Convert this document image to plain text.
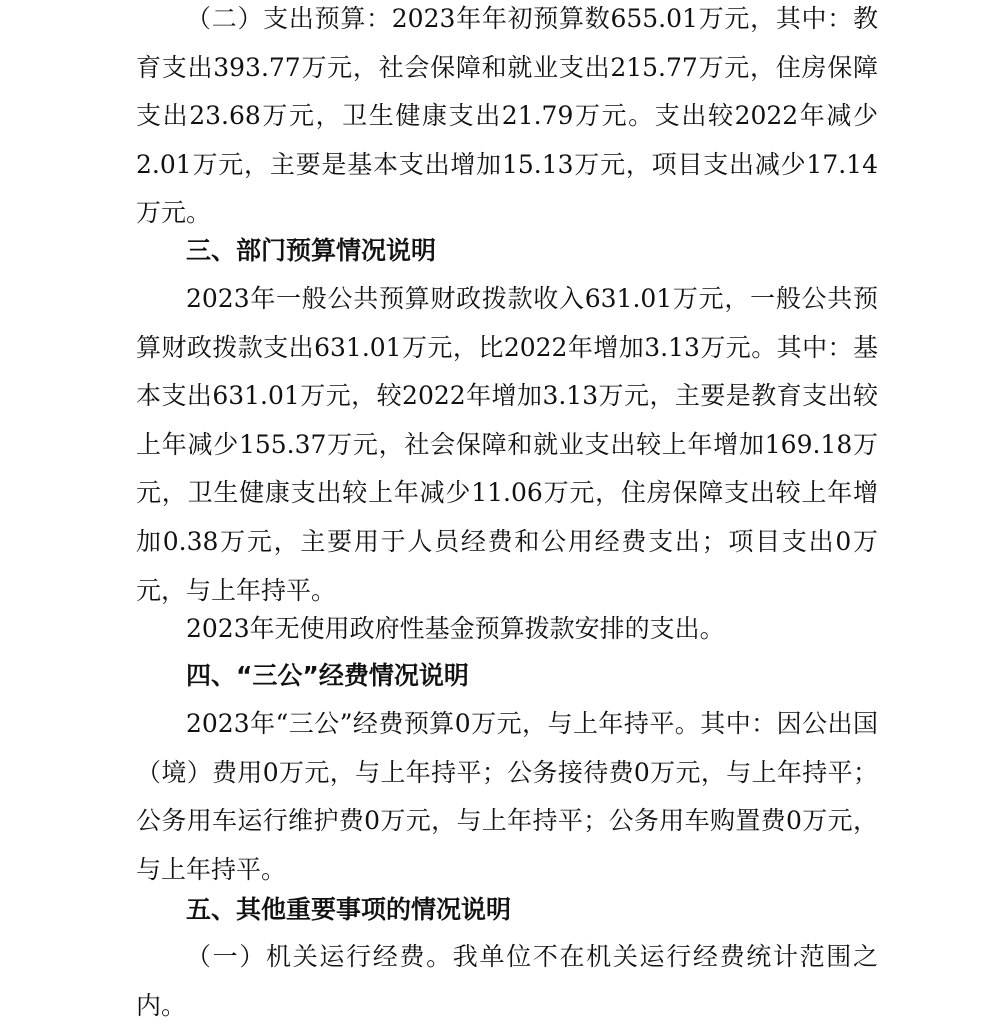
（二）支出预算：2023年年初预算数655.01万元，其中：教育支出393.77万元，社会保障和就业支出215.77万元，住房保障支出23.68万元，卫生健康支出21.79万元。支出较2022年减少2.01万元，主要是基本支出增加15.13万元，项目支出减少17.14万元。

三、部门预算情况说明

2023年一般公共预算财政拨款收入631.01万元，一般公共预算财政拨款支出631.01万元，比2022年增加3.13万元。其中：基本支出631.01万元，较2022年增加3.13万元，主要是教育支出较上年减少155.37万元，社会保障和就业支出较上年增加169.18万元，卫生健康支出较上年减少11.06万元，住房保障支出较上年增加0.38万元，主要用于人员经费和公用经费支出；项目支出0万元，与上年持平。

2023年无使用政府性基金预算拨款安排的支出。

四、“三公”经费情况说明

2023年“三公”经费预算0万元，与上年持平。其中：因公出国（境）费用0万元，与上年持平；公务接待费0万元，与上年持平；公务用车运行维护费0万元，与上年持平；公务用车购置费0万元，与上年持平。

五、其他重要事项的情况说明

（一）机关运行经费。我单位不在机关运行经费统计范围之内。
